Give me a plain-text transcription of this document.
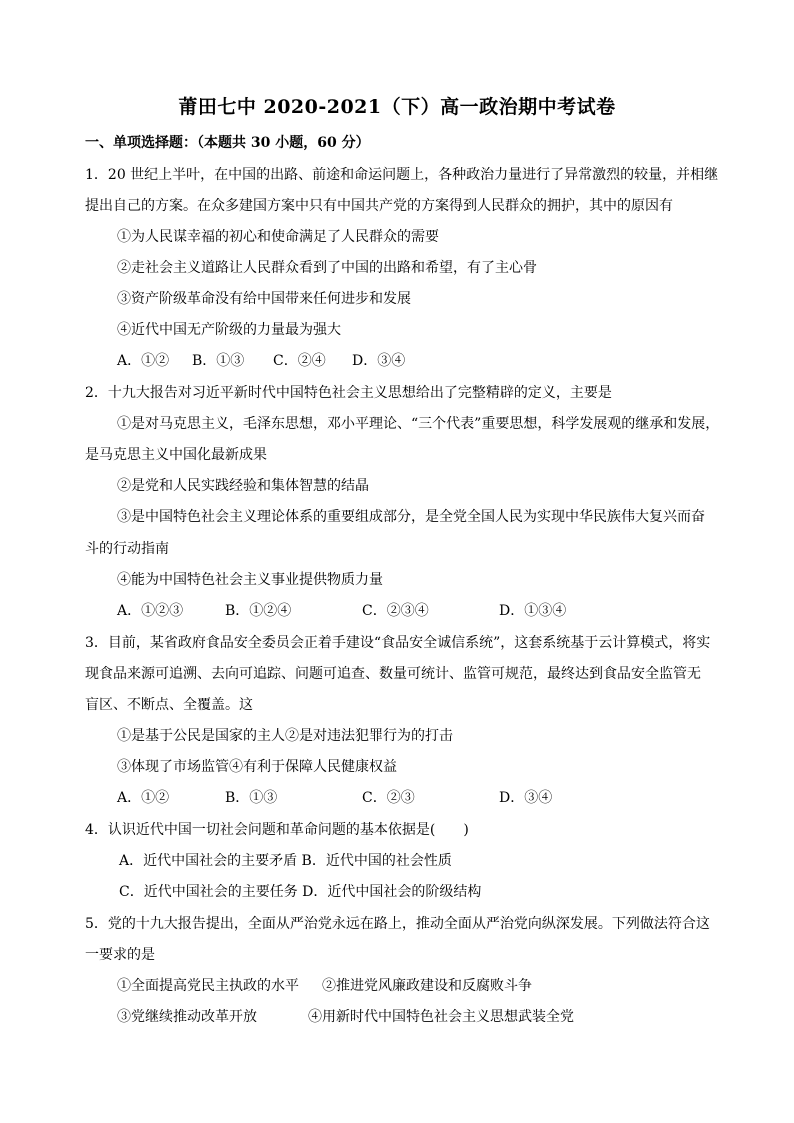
莆田七中 2020-2021（下）高一政治期中考试卷
一、单项选择题：（本题共 30 小题，60 分）
1．20 世纪上半叶，在中国的出路、前途和命运问题上，各种政治力量进行了异常激烈的较量，并相继
提出自己的方案。在众多建国方案中只有中国共产党的方案得到人民群众的拥护，其中的原因有
①为人民谋幸福的初心和使命满足了人民群众的需要
②走社会主义道路让人民群众看到了中国的出路和希望，有了主心骨
③资产阶级革命没有给中国带来任何进步和发展
④近代中国无产阶级的力量最为强大
A．①② B．①③ C．②④ D．③④
2．十九大报告对习近平新时代中国特色社会主义思想给出了完整精辟的定义，主要是
①是对马克思主义，毛泽东思想，邓小平理论、“三个代表”重要思想，科学发展观的继承和发展，
是马克思主义中国化最新成果
②是党和人民实践经验和集体智慧的结晶
③是中国特色社会主义理论体系的重要组成部分，是全党全国人民为实现中华民族伟大复兴而奋
斗的行动指南
④能为中国特色社会主义事业提供物质力量
A．①②③	B．①②④	C．②③④	D．①③④
3．目前，某省政府食品安全委员会正着手建设“食品安全诚信系统”，这套系统基于云计算模式，将实
现食品来源可追溯、去向可追踪、问题可追查、数量可统计、监管可规范，最终达到食品安全监管无
盲区、不断点、全覆盖。这
①是基于公民是国家的主人②是对违法犯罪行为的打击
③体现了市场监管④有利于保障人民健康权益
A．①②	B．①③	C．②③	D．③④
4．认识近代中国一切社会问题和革命问题的基本依据是(　　)
A．近代中国社会的主要矛盾 B．近代中国的社会性质
C．近代中国社会的主要任务 D．近代中国社会的阶级结构
5．党的十九大报告提出，全面从严治党永远在路上，推动全面从严治党向纵深发展。下列做法符合这
一要求的是
①全面提高党民主执政的水平 ②推进党风廉政建设和反腐败斗争
③党继续推动改革开放	④用新时代中国特色社会主义思想武装全党
